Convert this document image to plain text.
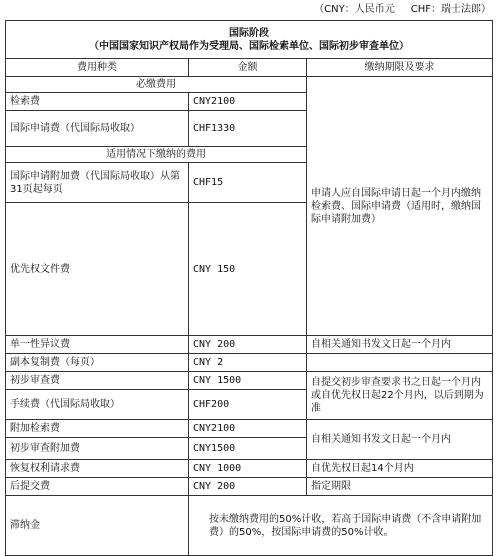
（CNY：人民币元 CHF：瑞士法郎）
国际阶段
（中国国家知识产权局作为受理局、国际检索单位、国际初步审查单位）			

费用种类	金额	缴纳期限及要求	
必缴费用		申请人应自国际申请日起一个月内缴纳检索费、国际申请费（适用时，缴纳国际申请附加费）	
检索费	CNY2100		
国际申请费（代国际局收取）	CHF1330		
适用情况下缴纳的费用			
国际申请附加费（代国际局收取）从第31页起每页	CHF15		
优先权文件费	CNY 150	
单一性异议费	CNY 200	自相关通知书发文日起一个月内	
副本复制费（每页）	CNY 2		
初步审查费	CNY 1500	自提交初步审查要求书之日起一个月内或自优先权日起22个月内，以后到期为准	
手续费（代国际局收取）	CHF200		
附加检索费	CNY2100	自相关通知书发文日起一个月内	
初步审查附加费	CNY1500		
恢复权利请求费	CNY 1000	自优先权日起14个月内	
后提交费	CNY 200	指定期限	
滞纳金	按未缴纳费用的50%计收，若高于国际申请费（不含申请附加费）的50%，按国际申请费的50%计收。		
